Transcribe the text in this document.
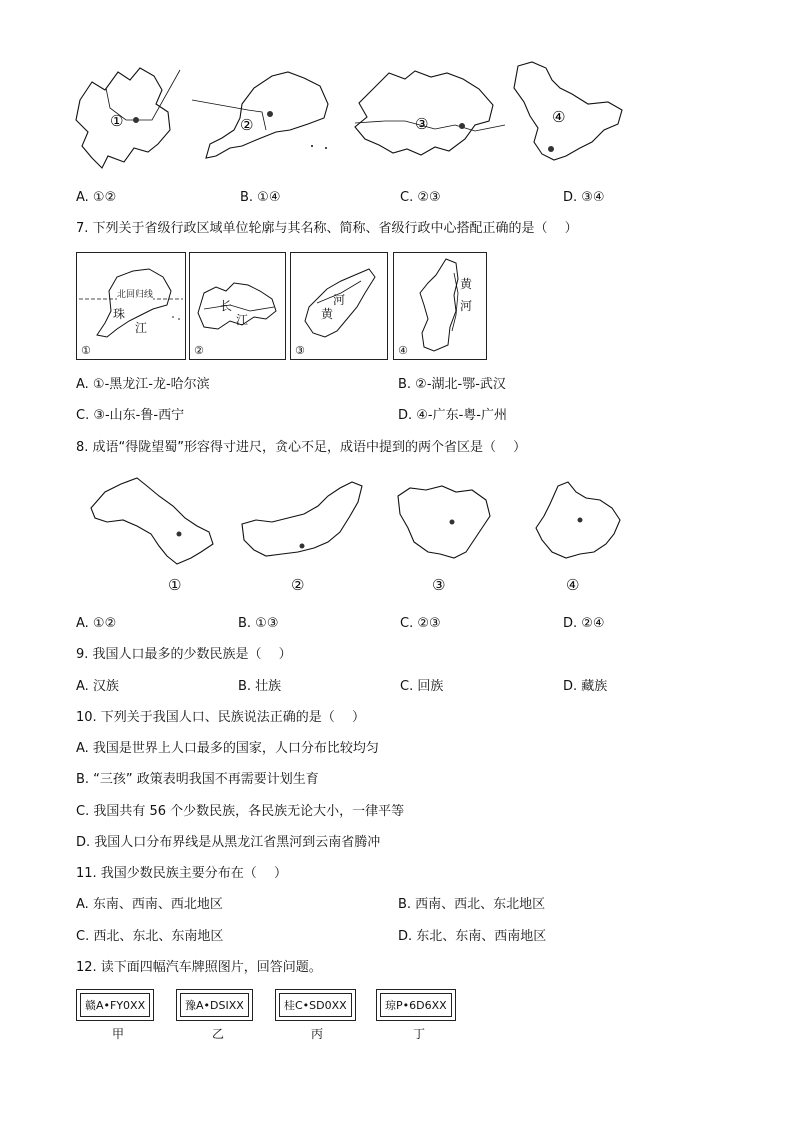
①	②	③	④
A. ①②	B. ①④	C. ②③	D. ③④
7. 下列关于省级行政区域单位轮廓与其名称、简称、省级行政中心搭配正确的是（　 ）
北回归线
珠
江
①
长
江
②
河
黄
③
黄
河
④
A. ①-黑龙江-龙-哈尔滨	B. ②-湖北-鄂-武汉
C. ③-山东-鲁-西宁	D. ④-广东-粤-广州
8. 成语“得陇望蜀”形容得寸进尺，贪心不足，成语中提到的两个省区是（　 ）
①	②	③	④
A. ①②	B. ①③	C. ②③	D. ②④
9. 我国人口最多的少数民族是（　 ）
A. 汉族	B. 壮族	C. 回族	D. 藏族
10. 下列关于我国人口、民族说法正确的是（　 ）
A. 我国是世界上人口最多的国家，人口分布比较均匀
B. “三孩” 政策表明我国不再需要计划生育
C. 我国共有 56 个少数民族，各民族无论大小，一律平等
D. 我国人口分布界线是从黑龙江省黑河到云南省腾冲
11. 我国少数民族主要分布在（　 ）
A. 东南、西南、西北地区	B. 西南、西北、东北地区
C. 西北、东北、东南地区	D. 东北、东南、西南地区
12. 读下面四幅汽车牌照图片，回答问题。
赣A•FY0XX
甲
豫A•DSIXX
乙
桂C•SD0XX
丙
琼P•6D6XX
丁
